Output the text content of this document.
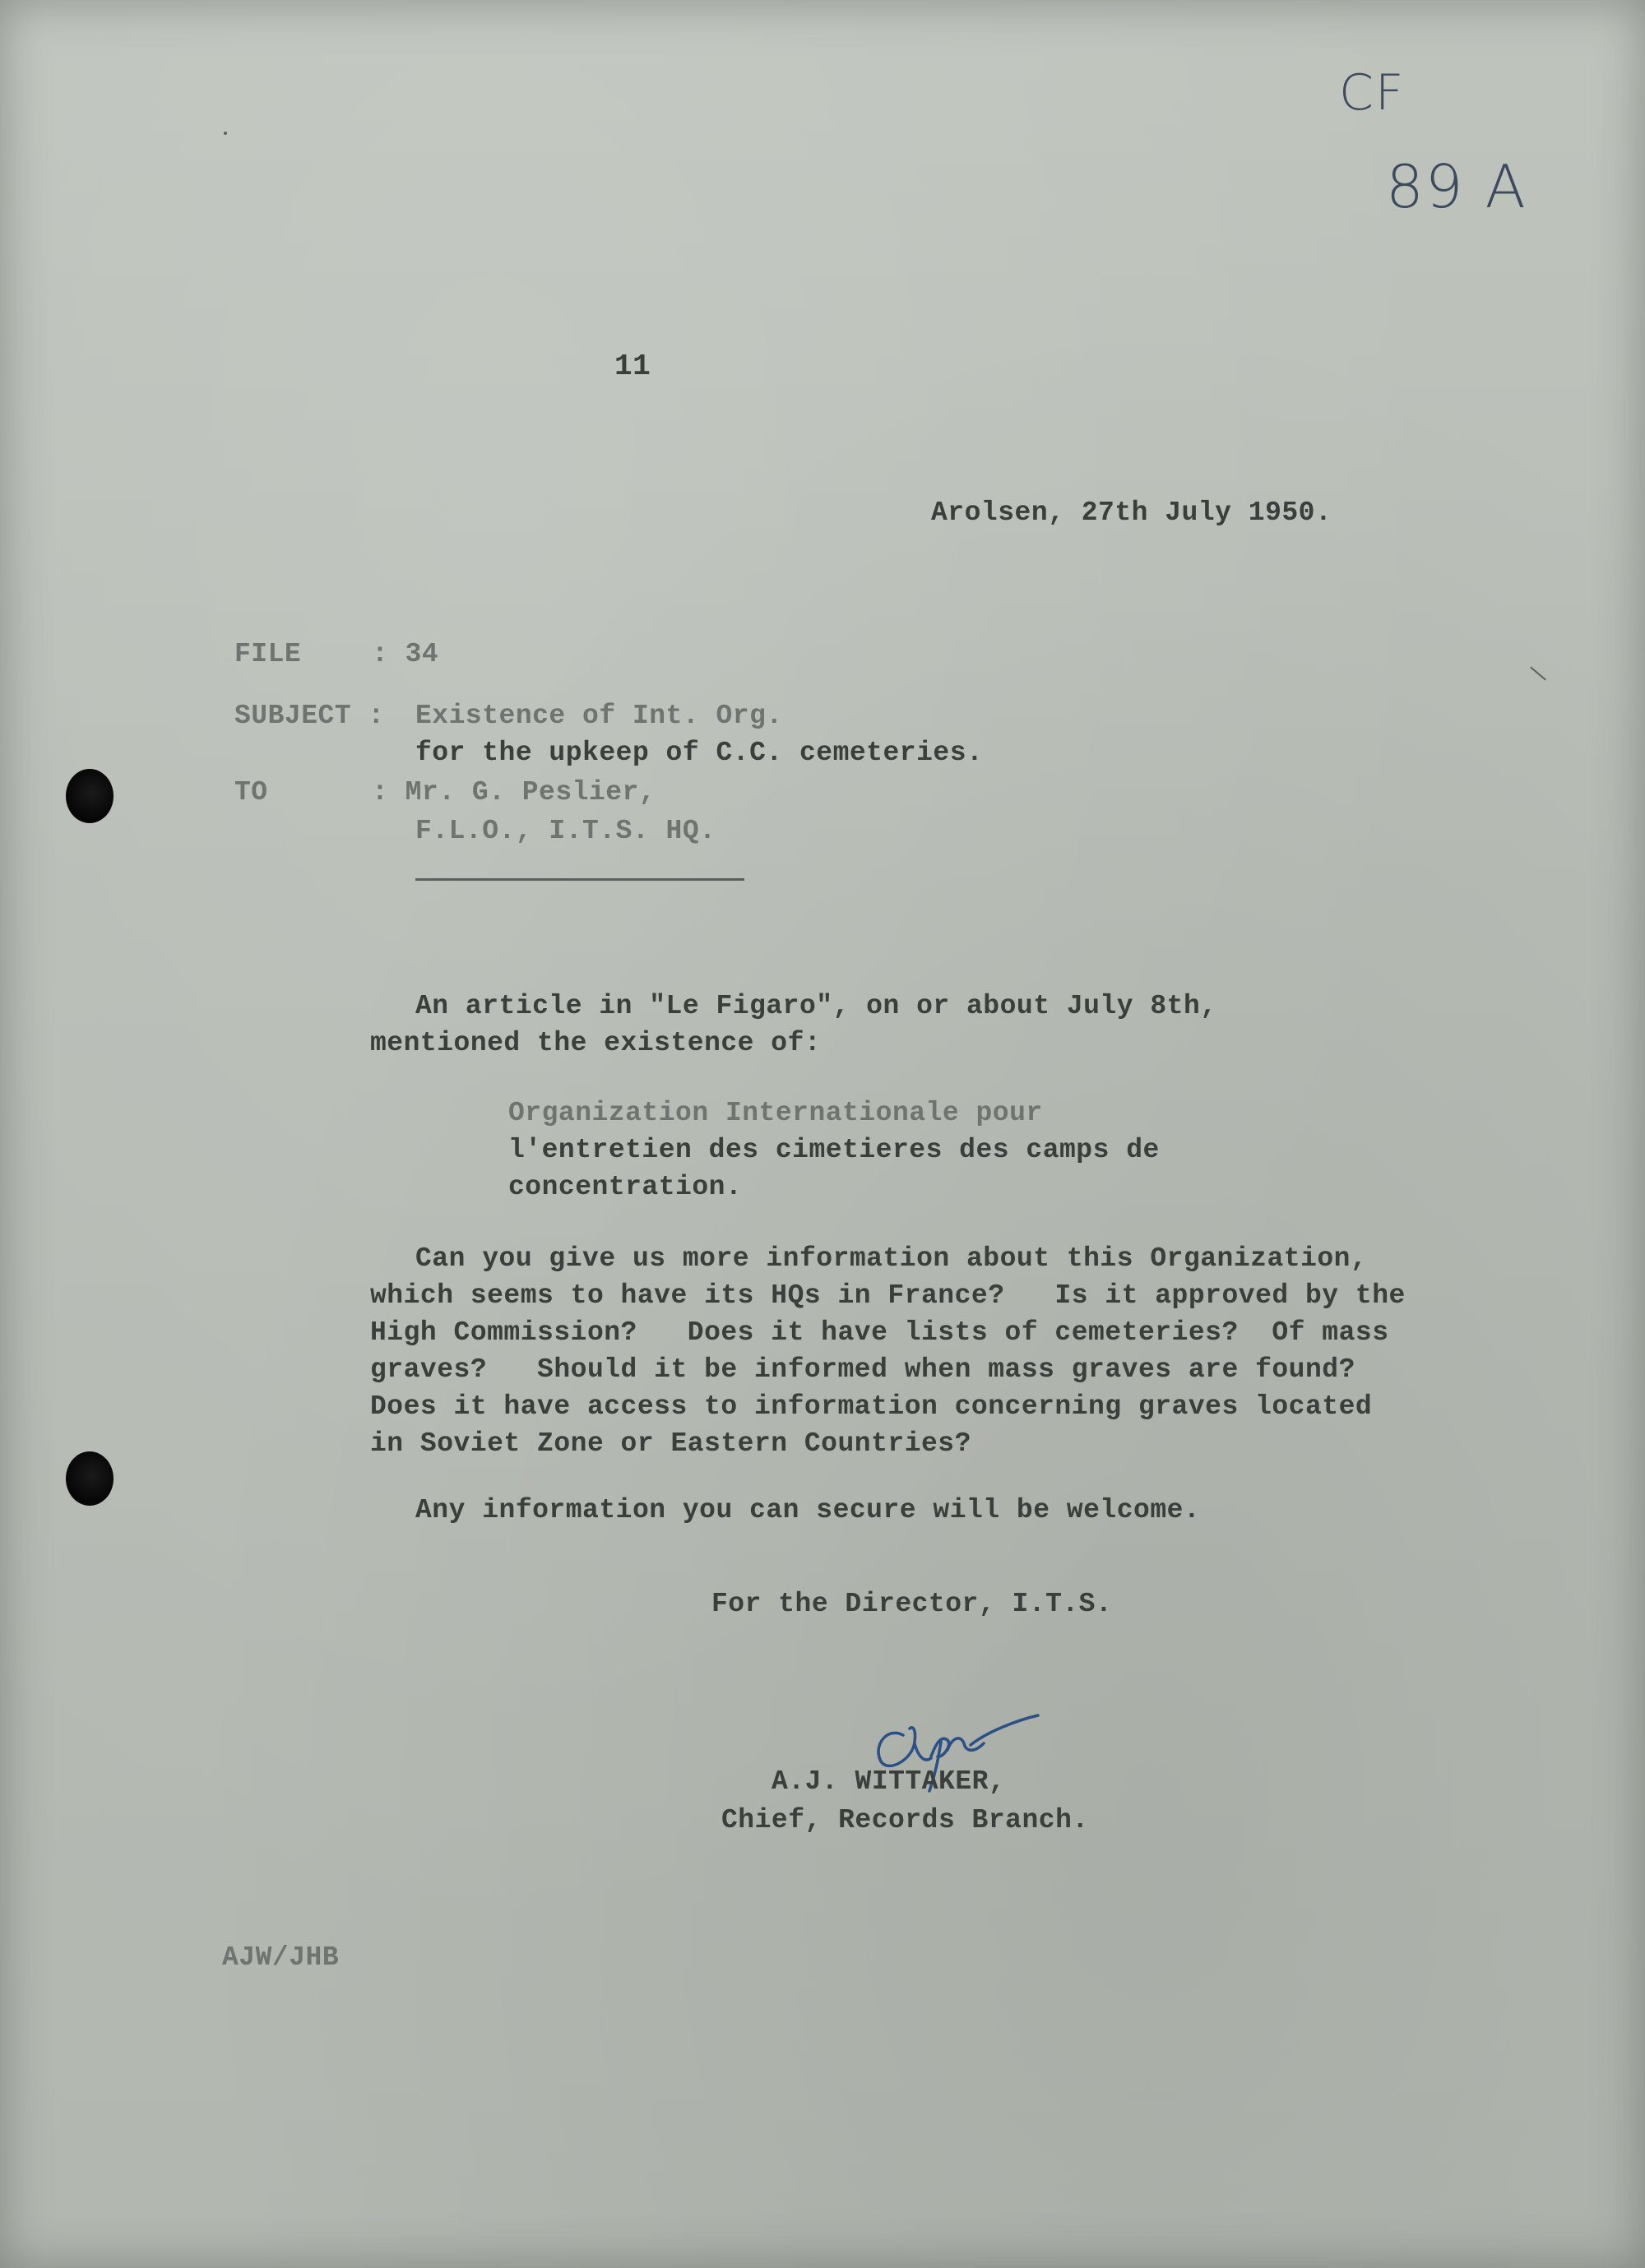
CF
89 A
11
Arolsen, 27th July 1950.
FILE	: 34
SUBJECT : Existence of Int. Org.
for the upkeep of C.C. cemeteries.
TO	: Mr. G. Peslier,
F.L.O., I.T.S. HQ.
An article in "Le Figaro", on or about July 8th,
mentioned the existence of:
Organization Internationale pour
l'entretien des cimetieres des camps de
concentration.
Can you give us more information about this Organization,
which seems to have its HQs in France?   Is it approved by the
High Commission?   Does it have lists of cemeteries?  Of mass
graves?   Should it be informed when mass graves are found?
Does it have access to information concerning graves located
in Soviet Zone or Eastern Countries?
Any information you can secure will be welcome.
For the Director, I.T.S.
A.J. WITTAKER,
Chief, Records Branch.
AJW/JHB
